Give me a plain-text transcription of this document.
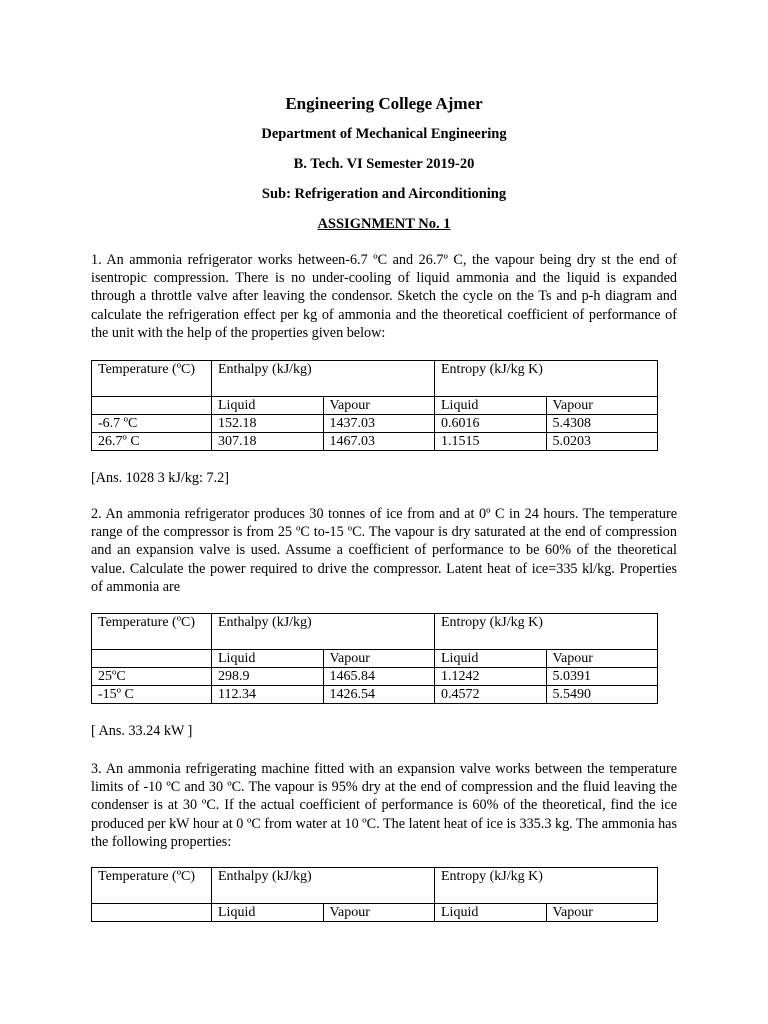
Engineering College Ajmer
Department of Mechanical Engineering
B. Tech. VI Semester 2019-20
Sub: Refrigeration and Airconditioning
ASSIGNMENT No. 1
1. An ammonia refrigerator works hetween-6.7 ºC and 26.7º C, the vapour being dry st the end of isentropic compression. There is no under-cooling of liquid ammonia and the liquid is expanded through a throttle valve after leaving the condensor. Sketch the cycle on the Ts and p-h diagram and calculate the refrigeration effect per kg of ammonia and the theoretical coefficient of performance of the unit with the help of the properties given below:
Temperature (ºC)	Enthalpy (kJ/kg)		Entropy (kJ/kg K)	
	Liquid	Vapour	Liquid	Vapour
-6.7 ºC	152.18	1437.03	0.6016	5.4308
26.7º C	307.18	1467.03	1.1515	5.0203
[Ans. 1028 3 kJ/kg: 7.2]
2. An ammonia refrigerator produces 30 tonnes of ice from and at 0º C in 24 hours. The temperature range of the compressor is from 25 ºC to-15 ºC. The vapour is dry saturated at the end of compression and an expansion valve is used. Assume a coefficient of performance to be 60% of the theoretical value. Calculate the power required to drive the compressor. Latent heat of ice=335 kl/kg. Properties of ammonia are
Temperature (ºC)	Enthalpy (kJ/kg)		Entropy (kJ/kg K)	
	Liquid	Vapour	Liquid	Vapour
25ºC	298.9	1465.84	1.1242	5.0391
-15º C	112.34	1426.54	0.4572	5.5490
[ Ans. 33.24 kW ]
3. An ammonia refrigerating machine fitted with an expansion valve works between the temperature limits of -10 ºC and 30 ºC. The vapour is 95% dry at the end of compression and the fluid leaving the condenser is at 30 ºC. If the actual coefficient of performance is 60% of the theoretical, find the ice produced per kW hour at 0 ºC from water at 10 ºC. The latent heat of ice is 335.3 kg. The ammonia has the following properties:
Temperature (ºC)	Enthalpy (kJ/kg)		Entropy (kJ/kg K)	
	Liquid	Vapour	Liquid	Vapour
